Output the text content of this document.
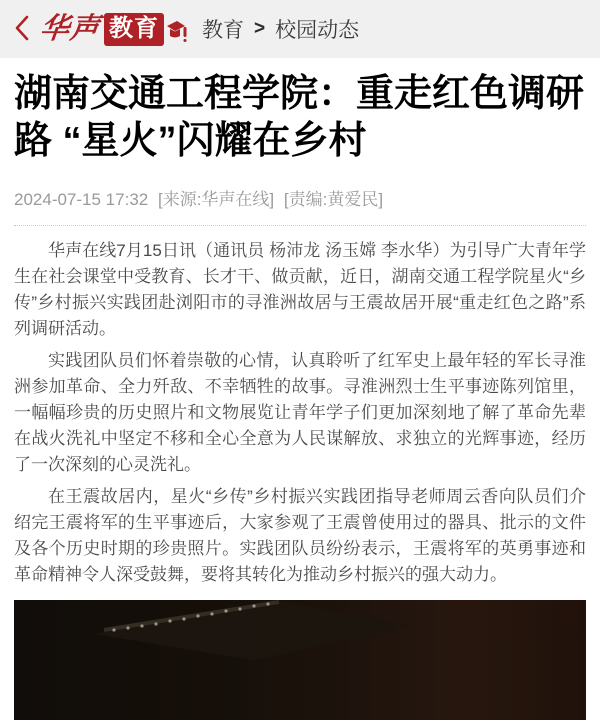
华声 教育 教育 > 校园动态
湖南交通工程学院：重走红色调研路 “星火”闪耀在乡村
2024-07-15 17:32 [来源:华声在线] [责编:黄爱民]

华声在线7月15日讯（通讯员 杨沛龙 汤玉嫦 李水华）为引导广大青年学生在社会课堂中受教育、长才干、做贡献，近日，湖南交通工程学院星火“乡传”乡村振兴实践团赴浏阳市的寻淮洲故居与王震故居开展“重走红色之路”系列调研活动。

实践团队员们怀着崇敬的心情，认真聆听了红军史上最年轻的军长寻淮洲参加革命、全力歼敌、不幸牺牲的故事。寻淮洲烈士生平事迹陈列馆里，一幅幅珍贵的历史照片和文物展览让青年学子们更加深刻地了解了革命先辈在战火洗礼中坚定不移和全心全意为人民谋解放、求独立的光辉事迹，经历了一次深刻的心灵洗礼。

在王震故居内，星火“乡传”乡村振兴实践团指导老师周云香向队员们介绍完王震将军的生平事迹后，大家参观了王震曾使用过的器具、批示的文件及各个历史时期的珍贵照片。实践团队员纷纷表示，王震将军的英勇事迹和革命精神令人深受鼓舞，要将其转化为推动乡村振兴的强大动力。
